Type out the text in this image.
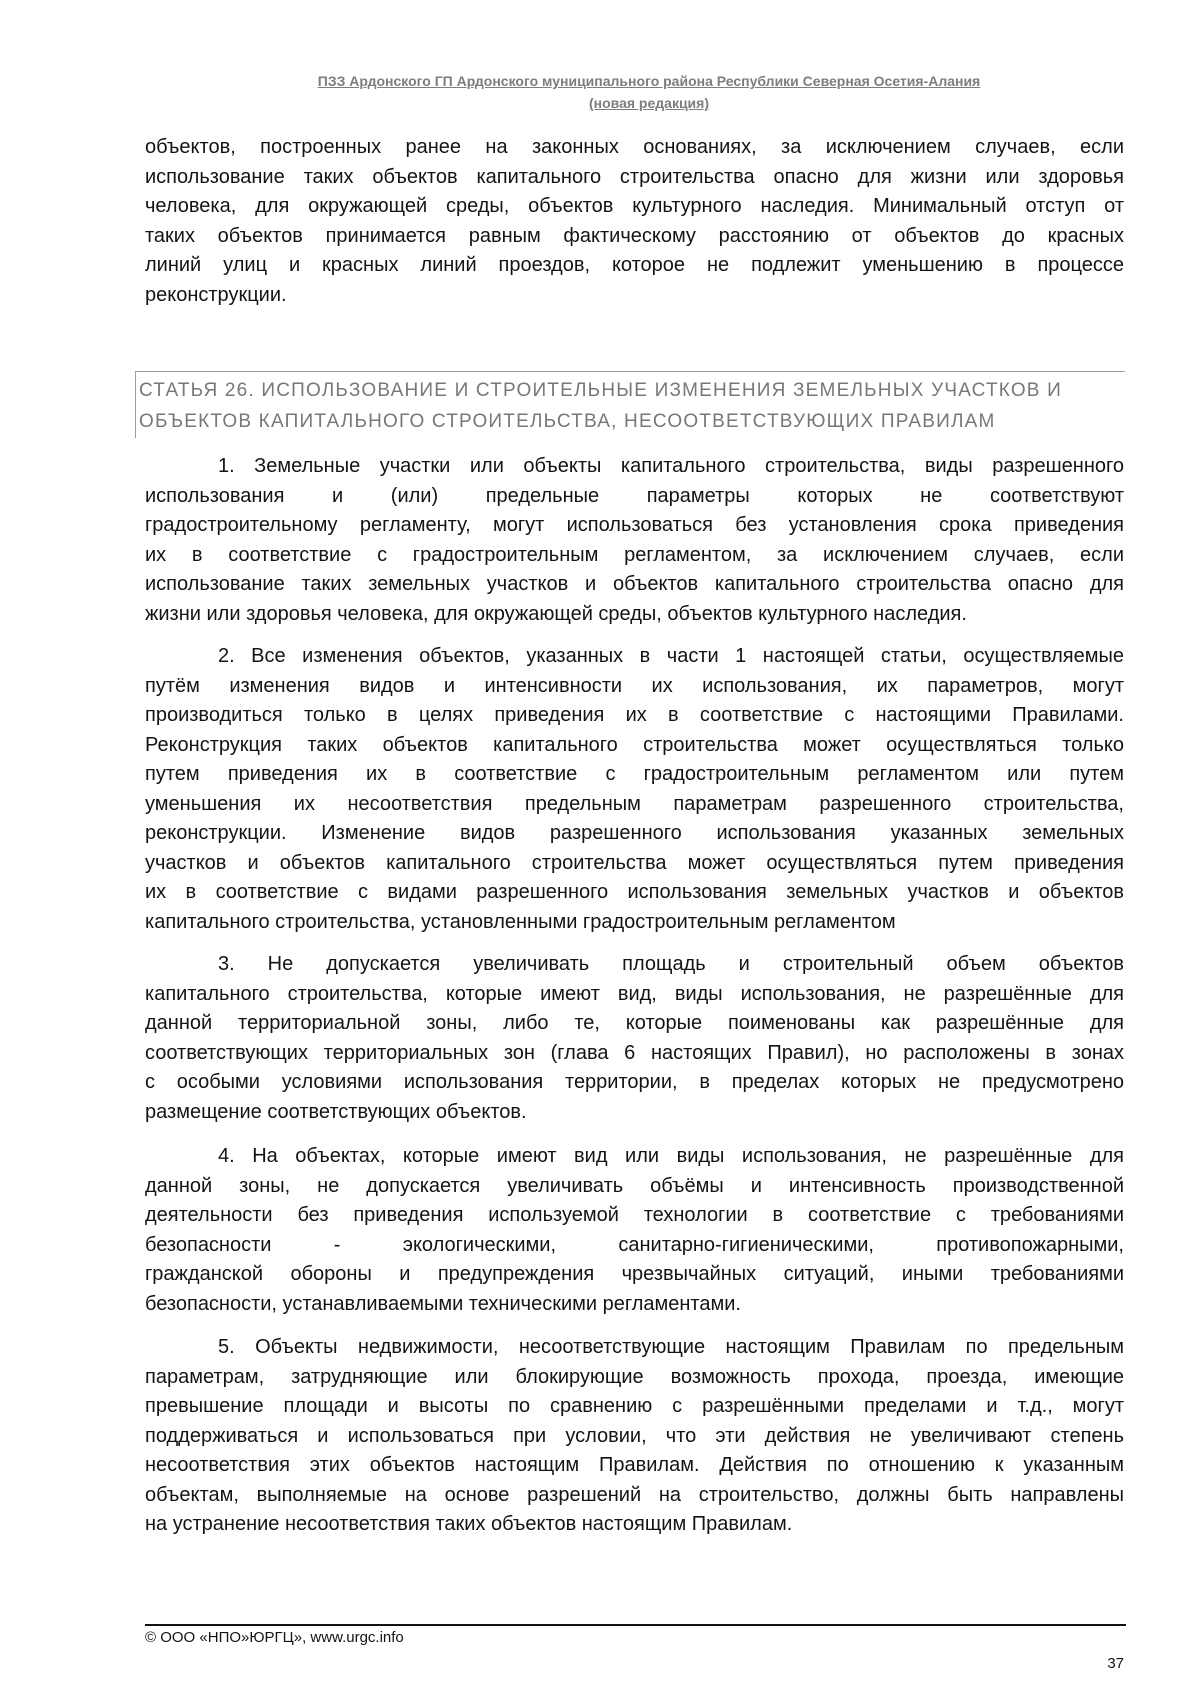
ПЗЗ Ардонского ГП Ардонского муниципального района Республики Северная Осетия-Алания
(новая редакция)
объектов, построенных ранее на законных основаниях, за исключением случаев, если
использование таких объектов капитального строительства опасно для жизни или здоровья
человека, для окружающей среды, объектов культурного наследия. Минимальный отступ от
таких объектов принимается равным фактическому расстоянию от объектов до красных
линий улиц и красных линий проездов, которое не подлежит уменьшению в процессе
реконструкции.
СТАТЬЯ 26. ИСПОЛЬЗОВАНИЕ И СТРОИТЕЛЬНЫЕ ИЗМЕНЕНИЯ ЗЕМЕЛЬНЫХ УЧАСТКОВ И
ОБЪЕКТОВ КАПИТАЛЬНОГО СТРОИТЕЛЬСТВА, НЕСООТВЕТСТВУЮЩИХ ПРАВИЛАМ
1. Земельные участки или объекты капитального строительства, виды разрешенного
использования и (или) предельные параметры которых не соответствуют
градостроительному регламенту, могут использоваться без установления срока приведения
их в соответствие с градостроительным регламентом, за исключением случаев, если
использование таких земельных участков и объектов капитального строительства опасно для
жизни или здоровья человека, для окружающей среды, объектов культурного наследия.
2. Все изменения объектов, указанных в части 1 настоящей статьи, осуществляемые
путём изменения видов и интенсивности их использования, их параметров, могут
производиться только в целях приведения их в соответствие с настоящими Правилами.
Реконструкция таких объектов капитального строительства может осуществляться только
путем приведения их в соответствие с градостроительным регламентом или путем
уменьшения их несоответствия предельным параметрам разрешенного строительства,
реконструкции. Изменение видов разрешенного использования указанных земельных
участков и объектов капитального строительства может осуществляться путем приведения
их в соответствие с видами разрешенного использования земельных участков и объектов
капитального строительства, установленными градостроительным регламентом
3. Не допускается увеличивать площадь и строительный объем объектов
капитального строительства, которые имеют вид, виды использования, не разрешённые для
данной территориальной зоны, либо те, которые поименованы как разрешённые для
соответствующих территориальных зон (глава 6 настоящих Правил), но расположены в зонах
с особыми условиями использования территории, в пределах которых не предусмотрено
размещение соответствующих объектов.
4. На объектах, которые имеют вид или виды использования, не разрешённые для
данной зоны, не допускается увеличивать объёмы и интенсивность производственной
деятельности без приведения используемой технологии в соответствие с требованиями
безопасности - экологическими, санитарно-гигиеническими, противопожарными,
гражданской обороны и предупреждения чрезвычайных ситуаций, иными требованиями
безопасности, устанавливаемыми техническими регламентами.
5. Объекты недвижимости, несоответствующие настоящим Правилам по предельным
параметрам, затрудняющие или блокирующие возможность прохода, проезда, имеющие
превышение площади и высоты по сравнению с разрешёнными пределами и т.д., могут
поддерживаться и использоваться при условии, что эти действия не увеличивают степень
несоответствия этих объектов настоящим Правилам. Действия по отношению к указанным
объектам, выполняемые на основе разрешений на строительство, должны быть направлены
на устранение несоответствия таких объектов настоящим Правилам.
© ООО «НПО»ЮРГЦ», www.urgc.info
37
